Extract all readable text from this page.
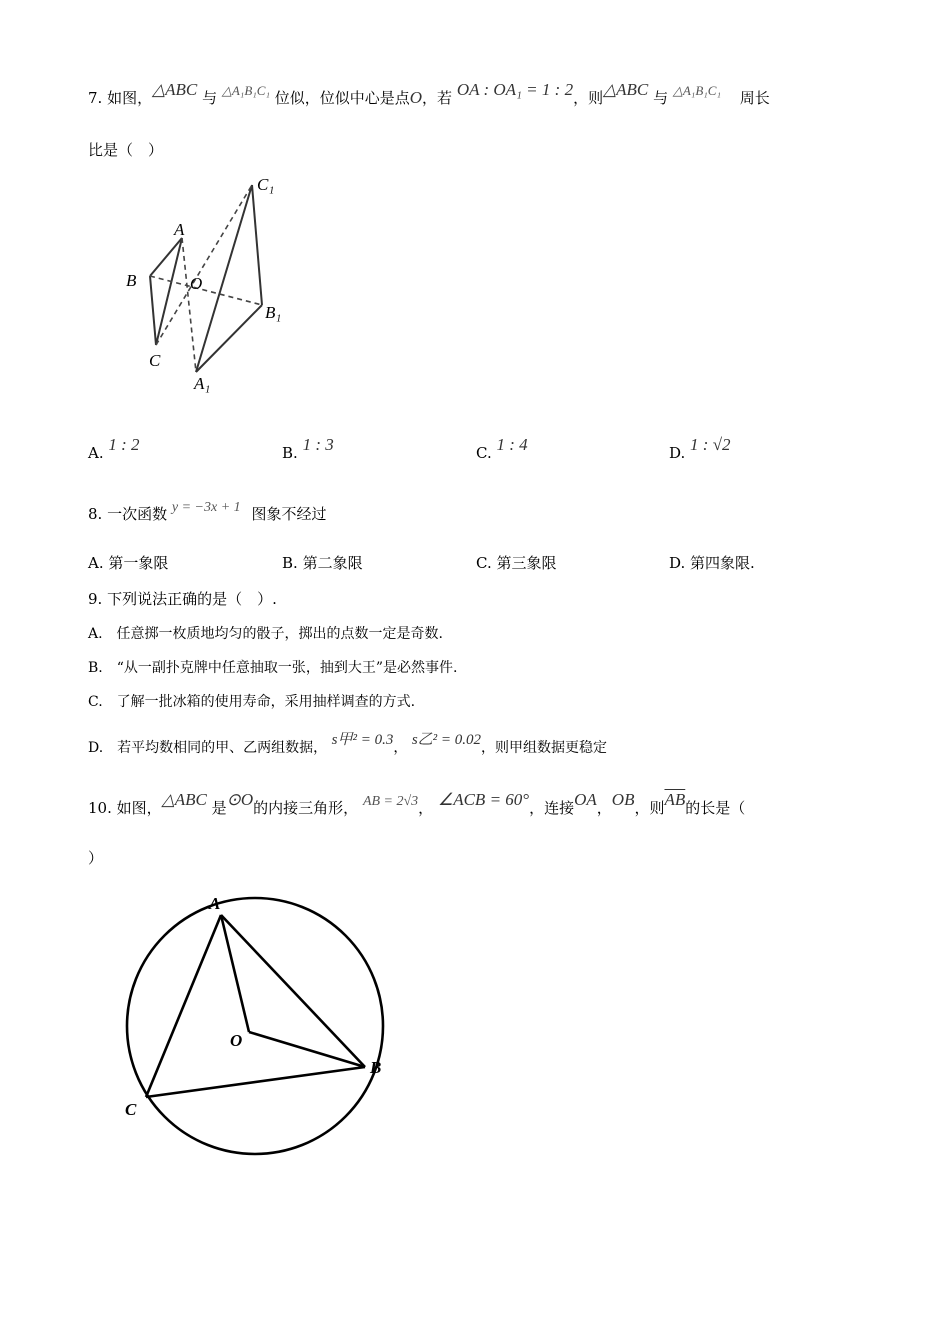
7. 如图，△ABC 与 △A₁B₁C₁ 位似，位似中心是点O，若 OA : OA₁ = 1 : 2，则△ABC 与 △A₁B₁C₁ 周长
比是（　）
A
B
C
O
C₁
B₁
A₁
A. 1 : 2	B. 1 : 3	C. 1 : 4	D. 1 : √2
8. 一次函数 y = −3x + 1 图象不经过
A. 第一象限	B. 第二象限	C. 第三象限	D. 第四象限.
9. 下列说法正确的是（　）.
A.　任意掷一枚质地均匀的骰子，掷出的点数一定是奇数.
B.　“从一副扑克牌中任意抽取一张，抽到大王”是必然事件.
C.　了解一批冰箱的使用寿命，采用抽样调查的方式.
D.　若平均数相同的甲、乙两组数据， s甲² = 0.3， s乙² = 0.02，则甲组数据更稳定
10. 如图，△ABC 是⊙O的内接三角形， AB = 2√3， ∠ACB = 60°，连接OA，OB，则$\overline{AB}$的长是（
）
A
B
C
O
